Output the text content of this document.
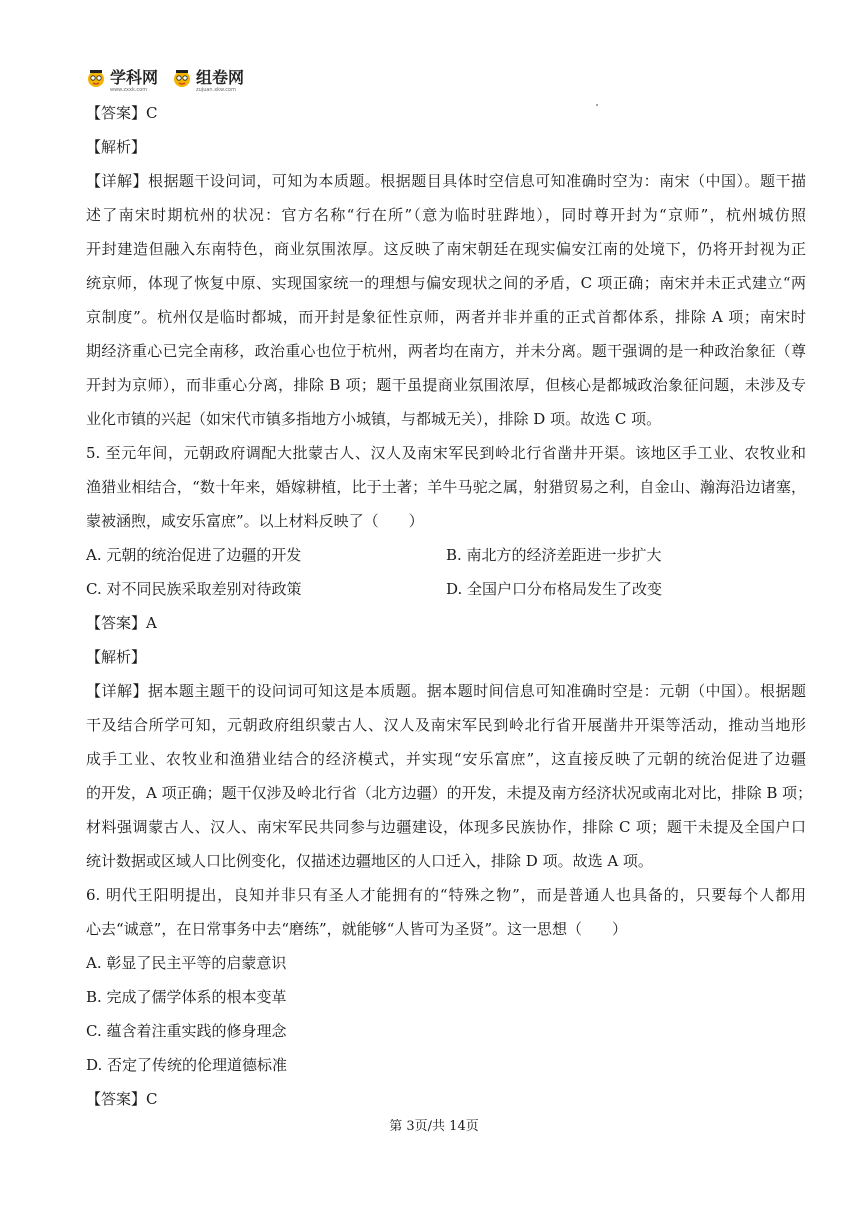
学科网
www.zxxk.com
组卷网
zujuan.xkw.com
【答案】C
【解析】
【详解】根据题干设问词，可知为本质题。根据题目具体时空信息可知准确时空为：南宋（中国）。题干描
述了南宋时期杭州的状况：官方名称“行在所”（意为临时驻跸地），同时尊开封为“京师”，杭州城仿照
开封建造但融入东南特色，商业氛围浓厚。这反映了南宋朝廷在现实偏安江南的处境下，仍将开封视为正
统京师，体现了恢复中原、实现国家统一的理想与偏安现状之间的矛盾，C 项正确；南宋并未正式建立“两
京制度”。杭州仅是临时都城，而开封是象征性京师，两者并非并重的正式首都体系，排除 A 项；南宋时
期经济重心已完全南移，政治重心也位于杭州，两者均在南方，并未分离。题干强调的是一种政治象征（尊
开封为京师），而非重心分离，排除 B 项；题干虽提商业氛围浓厚，但核心是都城政治象征问题，未涉及专
业化市镇的兴起（如宋代市镇多指地方小城镇，与都城无关），排除 D 项。故选 C 项。
5. 至元年间，元朝政府调配大批蒙古人、汉人及南宋军民到岭北行省凿井开渠。该地区手工业、农牧业和
渔猎业相结合，“数十年来，婚嫁耕植，比于土著；羊牛马驼之属，射猎贸易之利，自金山、瀚海沿边诸塞，
蒙被涵煦，咸安乐富庶”。以上材料反映了（　　）
A. 元朝的统治促进了边疆的开发	B. 南北方的经济差距进一步扩大
C. 对不同民族采取差别对待政策	D. 全国户口分布格局发生了改变
【答案】A
【解析】
【详解】据本题主题干的设问词可知这是本质题。据本题时间信息可知准确时空是：元朝（中国）。根据题
干及结合所学可知，元朝政府组织蒙古人、汉人及南宋军民到岭北行省开展凿井开渠等活动，推动当地形
成手工业、农牧业和渔猎业结合的经济模式，并实现“安乐富庶”，这直接反映了元朝的统治促进了边疆
的开发，A 项正确；题干仅涉及岭北行省（北方边疆）的开发，未提及南方经济状况或南北对比，排除 B 项；
材料强调蒙古人、汉人、南宋军民共同参与边疆建设，体现多民族协作，排除 C 项；题干未提及全国户口
统计数据或区域人口比例变化，仅描述边疆地区的人口迁入，排除 D 项。故选 A 项。
6. 明代王阳明提出，良知并非只有圣人才能拥有的“特殊之物”，而是普通人也具备的，只要每个人都用
心去“诚意”，在日常事务中去“磨练”，就能够“人皆可为圣贤”。这一思想（　　）
A. 彰显了民主平等的启蒙意识
B. 完成了儒学体系的根本变革
C. 蕴含着注重实践的修身理念
D. 否定了传统的伦理道德标准
【答案】C
第 3页/共 14页
